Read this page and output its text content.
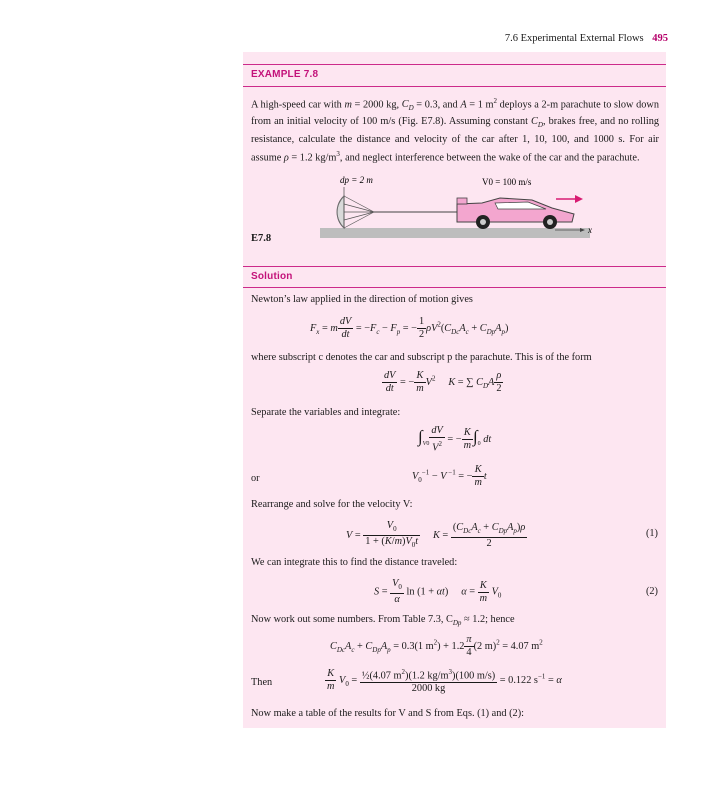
7.6 Experimental External Flows 495
EXAMPLE 7.8
A high-speed car with m = 2000 kg, $C_D = 0.3$, and A = 1 $m^2$ deploys a 2-m parachute to slow down from an initial velocity of 100 m/s (Fig. E7.8). Assuming constant $C_D$, brakes free, and no rolling resistance, calculate the distance and velocity of the car after 1, 10, 100, and 1000 s. For air assume ρ = 1.2 $kg/m^3$, and neglect interference between the wake of the car and the parachute.
dp = 2 m	V0 = 100 m/s
x
E7.8
Solution
Newton’s law applied in the direction of motion gives
$F_x = m \frac{dV}{dt} = -F_c - F_p$ = − $\frac{1}{2} \rho V^2(C_{Dc}A_c + C_{Dp}A_p)$
where subscript c denotes the car and subscript p the parachute. This is of the form
$\frac{dV}{dt}$ = − $\frac{K}{m} V^2$ K = ∑ $C_DA \frac{\rho}{2}$
Separate the variables and integrate:
$\int_{V0} \frac{dV}{V^2}$ = − $\frac{K}{m} \int_0$ dt
or	$V_0^{-1} - V$ $^{-1}$ = − $\frac{K}{m}$ t
Rearrange and solve for the velocity V:
$V = \frac{V_0}{1 + (K/m)V_0t}$ $K = \frac{(C_{Dc}A_c + C_{Dp}A_p)\rho}{2}$	(1)
We can integrate this to find the distance traveled:
$S = \frac{V_0}{\alpha}$ ln (1 + αt)     $\alpha = \frac{K}{m} V_0$	(2)
Now work out some numbers. From Table 7.3, $C_{Dp} \approx 1.2$; hence
$C_{Dc}A_c + C_{Dp}A_p = 0.3(1$ $m^2) + 1.2 \frac{\pi}{4} (2$ m)$^2$ = 4.07 $m^2$
Then	$\frac{K}{m} V_0 = \frac{\frac{1}{2}(4.07 m^2)(1.2 kg/m^3)(100 m/s)}{2000 kg} = 0.122$ $s^{-1} = \alpha$
Now make a table of the results for V and S from Eqs. (1) and (2):
